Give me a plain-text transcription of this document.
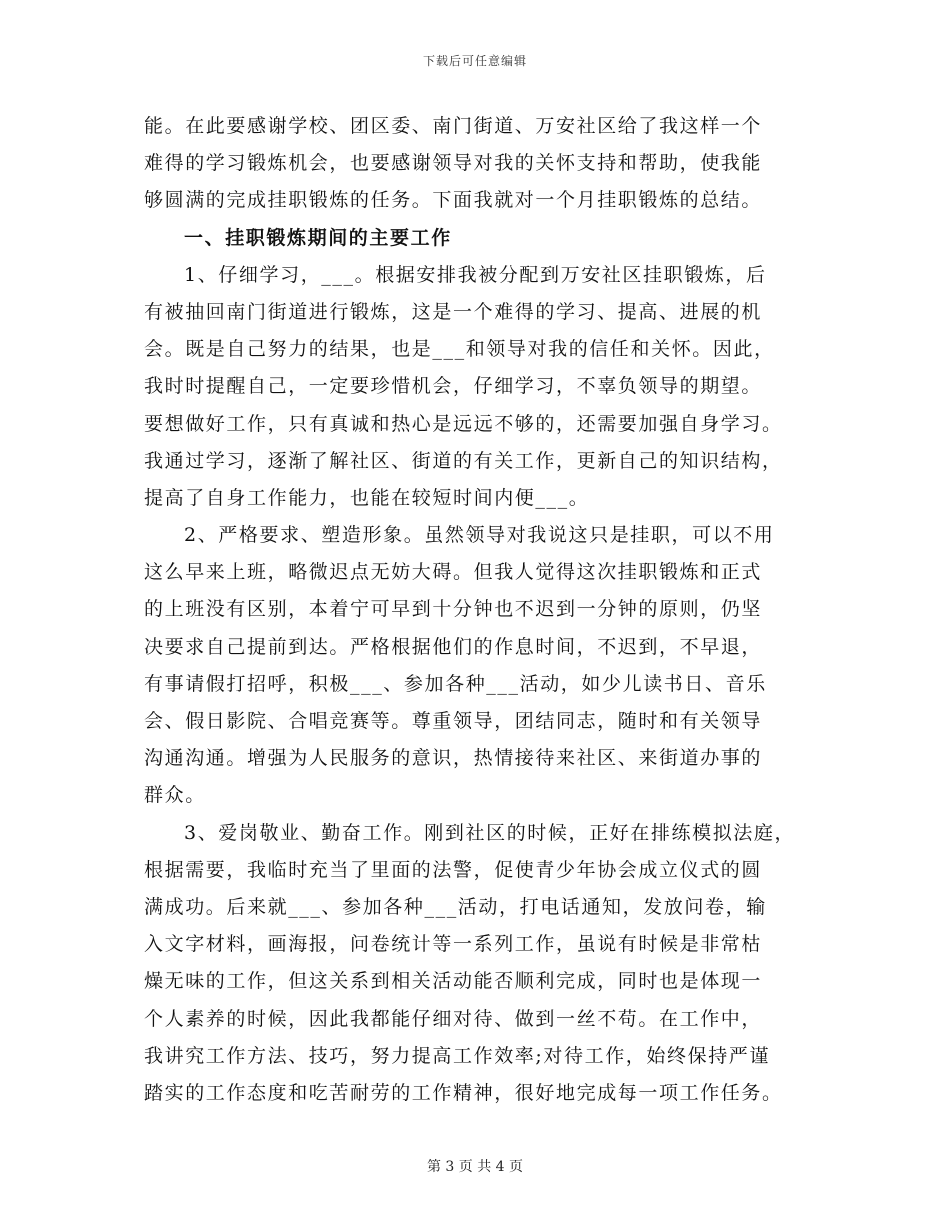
下载后可任意编辑
能。在此要感谢学校、团区委、南门街道、万安社区给了我这样一个
难得的学习锻炼机会，也要感谢领导对我的关怀支持和帮助，使我能
够圆满的完成挂职锻炼的任务。下面我就对一个月挂职锻炼的总结。
一、挂职锻炼期间的主要工作
1、仔细学习，___。根据安排我被分配到万安社区挂职锻炼，后
有被抽回南门街道进行锻炼，这是一个难得的学习、提高、进展的机
会。既是自己努力的结果，也是___和领导对我的信任和关怀。因此，
我时时提醒自己，一定要珍惜机会，仔细学习，不辜负领导的期望。
要想做好工作，只有真诚和热心是远远不够的，还需要加强自身学习。
我通过学习，逐渐了解社区、街道的有关工作，更新自己的知识结构，
提高了自身工作能力，也能在较短时间内便___。
2、严格要求、塑造形象。虽然领导对我说这只是挂职，可以不用
这么早来上班，略微迟点无妨大碍。但我人觉得这次挂职锻炼和正式
的上班没有区别，本着宁可早到十分钟也不迟到一分钟的原则，仍坚
决要求自己提前到达。严格根据他们的作息时间，不迟到，不早退，
有事请假打招呼，积极___、参加各种___活动，如少儿读书日、音乐
会、假日影院、合唱竞赛等。尊重领导，团结同志，随时和有关领导
沟通沟通。增强为人民服务的意识，热情接待来社区、来街道办事的
群众。
3、爱岗敬业、勤奋工作。刚到社区的时候，正好在排练模拟法庭，
根据需要，我临时充当了里面的法警，促使青少年协会成立仪式的圆
满成功。后来就___、参加各种___活动，打电话通知，发放问卷，输
入文字材料，画海报，问卷统计等一系列工作，虽说有时候是非常枯
燥无味的工作，但这关系到相关活动能否顺利完成，同时也是体现一
个人素养的时候，因此我都能仔细对待、做到一丝不苟。在工作中，
我讲究工作方法、技巧，努力提高工作效率;对待工作，始终保持严谨
踏实的工作态度和吃苦耐劳的工作精神，很好地完成每一项工作任务。
第 3 页 共 4 页
